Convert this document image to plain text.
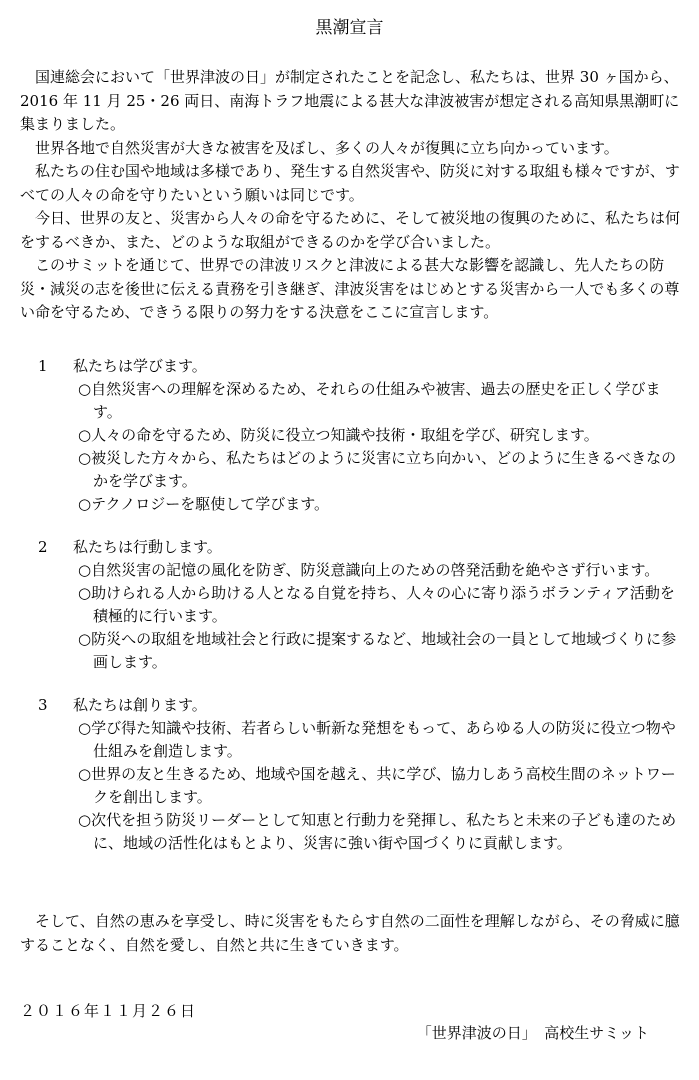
黒潮宣言

国連総会において「世界津波の日」が制定されたことを記念し、私たちは、世界 30 ヶ国から、2016 年 11 月 25・26 両日、南海トラフ地震による甚大な津波被害が想定される高知県黒潮町に集まりました。

世界各地で自然災害が大きな被害を及ぼし、多くの人々が復興に立ち向かっています。

私たちの住む国や地域は多様であり、発生する自然災害や、防災に対する取組も様々ですが、すべての人々の命を守りたいという願いは同じです。

今日、世界の友と、災害から人々の命を守るために、そして被災地の復興のために、私たちは何をするべきか、また、どのような取組ができるのかを学び合いました。

このサミットを通じて、世界での津波リスクと津波による甚大な影響を認識し、先人たちの防災・減災の志を後世に伝える責務を引き継ぎ、津波災害をはじめとする災害から一人でも多くの尊い命を守るため、できうる限りの努力をする決意をここに宣言します。

1	私たちは学びます。
○自然災害への理解を深めるため、それらの仕組みや被害、過去の歴史を正しく学びます。
○人々の命を守るため、防災に役立つ知識や技術・取組を学び、研究します。
○被災した方々から、私たちはどのように災害に立ち向かい、どのように生きるべきなのかを学びます。
○テクノロジーを駆使して学びます。
2	私たちは行動します。
○自然災害の記憶の風化を防ぎ、防災意識向上のための啓発活動を絶やさず行います。
○助けられる人から助ける人となる自覚を持ち、人々の心に寄り添うボランティア活動を積極的に行います。
○防災への取組を地域社会と行政に提案するなど、地域社会の一員として地域づくりに参画します。
3	私たちは創ります。
○学び得た知識や技術、若者らしい斬新な発想をもって、あらゆる人の防災に役立つ物や仕組みを創造します。
○世界の友と生きるため、地域や国を越え、共に学び、協力しあう高校生間のネットワークを創出します。
○次代を担う防災リーダーとして知恵と行動力を発揮し、私たちと未来の子ども達のために、地域の活性化はもとより、災害に強い街や国づくりに貢献します。

そして、自然の恵みを享受し、時に災害をもたらす自然の二面性を理解しながら、その脅威に臆することなく、自然を愛し、自然と共に生きていきます。

２０１６年１１月２６日
「世界津波の日」　高校生サミット
